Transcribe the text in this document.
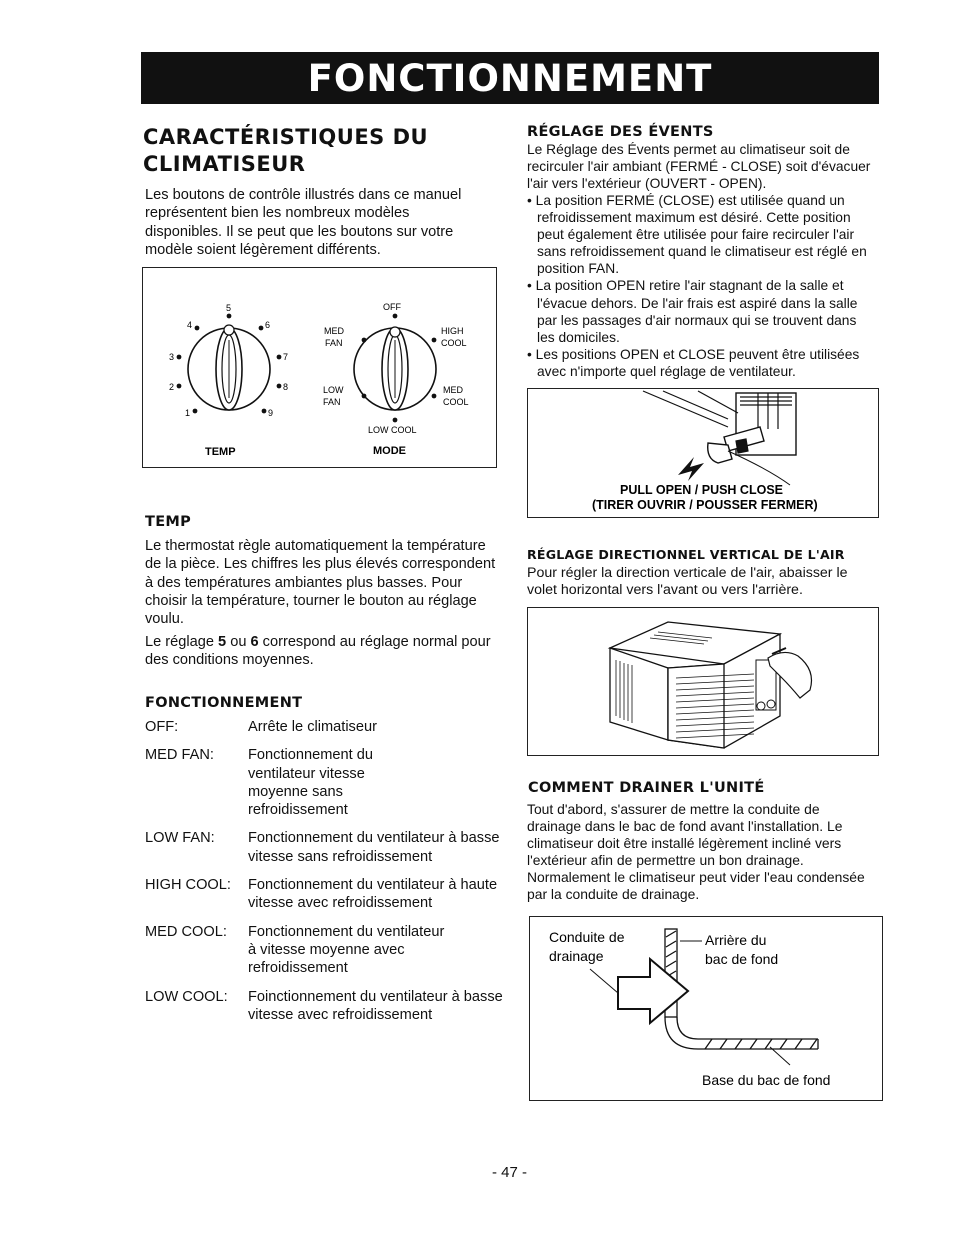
FONCTIONNEMENT
CARACTÉRISTIQUES DU
CLIMATISEUR
Les boutons de contrôle illustrés dans ce manuel représentent bien les nombreux modèles disponibles. Il se peut que les boutons sur votre modèle soient légèrement différents.
5
4	6
3	7
2	8
1	9
TEMP
OFF
MED
FAN
HIGH
COOL
LOW
FAN
MED
COOL
LOW COOL
MODE
TEMP
Le thermostat règle automatiquement la température de la pièce. Les chiffres les plus élevés correspondent à des températures ambiantes plus basses. Pour choisir la température, tourner le bouton au réglage voulu.
Le réglage 5 ou 6 correspond au réglage normal pour des conditions moyennes.
FONCTIONNEMENT
OFF:	Arrête le climatiseur
MED FAN:	Fonctionnement du ventilateur vitesse moyenne sans refroidissement
LOW FAN:	Fonctionnement du ventilateur à basse vitesse sans refroidissement
HIGH COOL:	Fonctionnement du ventilateur à haute vitesse avec refroidissement
MED COOL:	Fonctionnement du ventilateur à vitesse moyenne avec refroidissement
LOW COOL:	Foinctionnement du ventilateur à basse vitesse avec refroidissement
RÉGLAGE DES ÉVENTS
Le Réglage des Évents permet au climatiseur soit de recirculer l'air ambiant (FERMÉ - CLOSE) soit d'évacuer l'air vers l'extérieur (OUVERT - OPEN).
• La position FERMÉ (CLOSE) est utilisée quand un refroidissement maximum est désiré. Cette position peut également être utilisée pour faire recirculer l'air sans refroidissement quand le climatiseur est réglé en position FAN.
• La position OPEN retire l'air stagnant de la salle et l'évacue dehors. De l'air frais est aspiré dans la salle par les passages d'air normaux qui se trouvent dans les domiciles.
• Les positions OPEN et CLOSE peuvent être utilisées avec n'importe quel réglage de ventilateur.
PULL OPEN / PUSH CLOSE
(TIRER OUVRIR / POUSSER FERMER)
RÉGLAGE DIRECTIONNEL VERTICAL DE L'AIR
Pour régler la direction verticale de l'air, abaisser le volet horizontal vers l'avant ou vers l'arrière.
COMMENT DRAINER L'UNITÉ
Tout d'abord, s'assurer de mettre la conduite de drainage dans le bac de fond avant l'installation. Le climatiseur doit être installé légèrement incliné vers l'extérieur afin de permettre un bon drainage. Normalement le climatiseur peut vider l'eau condensée par la conduite de drainage.
Conduite de
drainage
Arrière du
bac de fond
Base du bac de fond
- 47 -
